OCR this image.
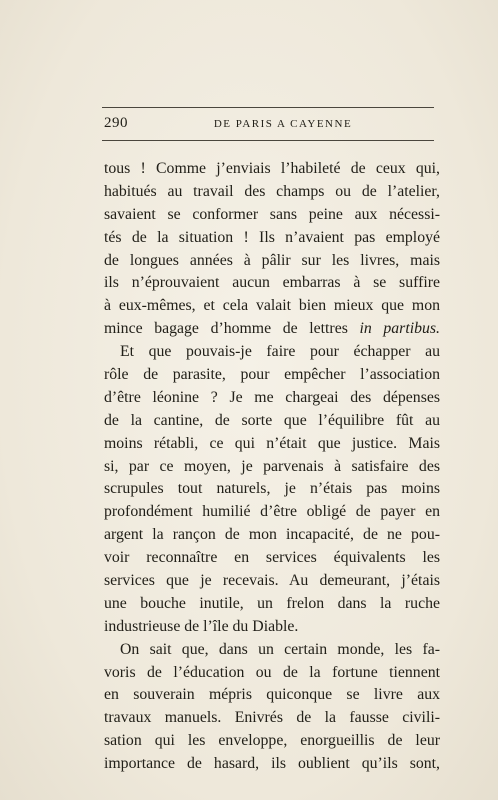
290	DE PARIS A CAYENNE
tous ! Comme j’enviais l’habileté de ceux qui,
habitués au travail des champs ou de l’atelier,
savaient se conformer sans peine aux nécessi-
tés de la situation ! Ils n’avaient pas employé
de longues années à pâlir sur les livres, mais
ils n’éprouvaient aucun embarras à se suffire
à eux-mêmes, et cela valait bien mieux que mon
mince bagage d’homme de lettres in partibus.
Et que pouvais-je faire pour échapper au
rôle de parasite, pour empêcher l’association
d’être léonine ? Je me chargeai des dépenses
de la cantine, de sorte que l’équilibre fût au
moins rétabli, ce qui n’était que justice. Mais
si, par ce moyen, je parvenais à satisfaire des
scrupules tout naturels, je n’étais pas moins
profondément humilié d’être obligé de payer en
argent la rançon de mon incapacité, de ne pou-
voir reconnaître en services équivalents les
services que je recevais. Au demeurant, j’étais
une bouche inutile, un frelon dans la ruche
industrieuse de l’île du Diable.
On sait que, dans un certain monde, les fa-
voris de l’éducation ou de la fortune tiennent
en souverain mépris quiconque se livre aux
travaux manuels. Enivrés de la fausse civili-
sation qui les enveloppe, enorgueillis de leur
importance de hasard, ils oublient qu’ils sont,
